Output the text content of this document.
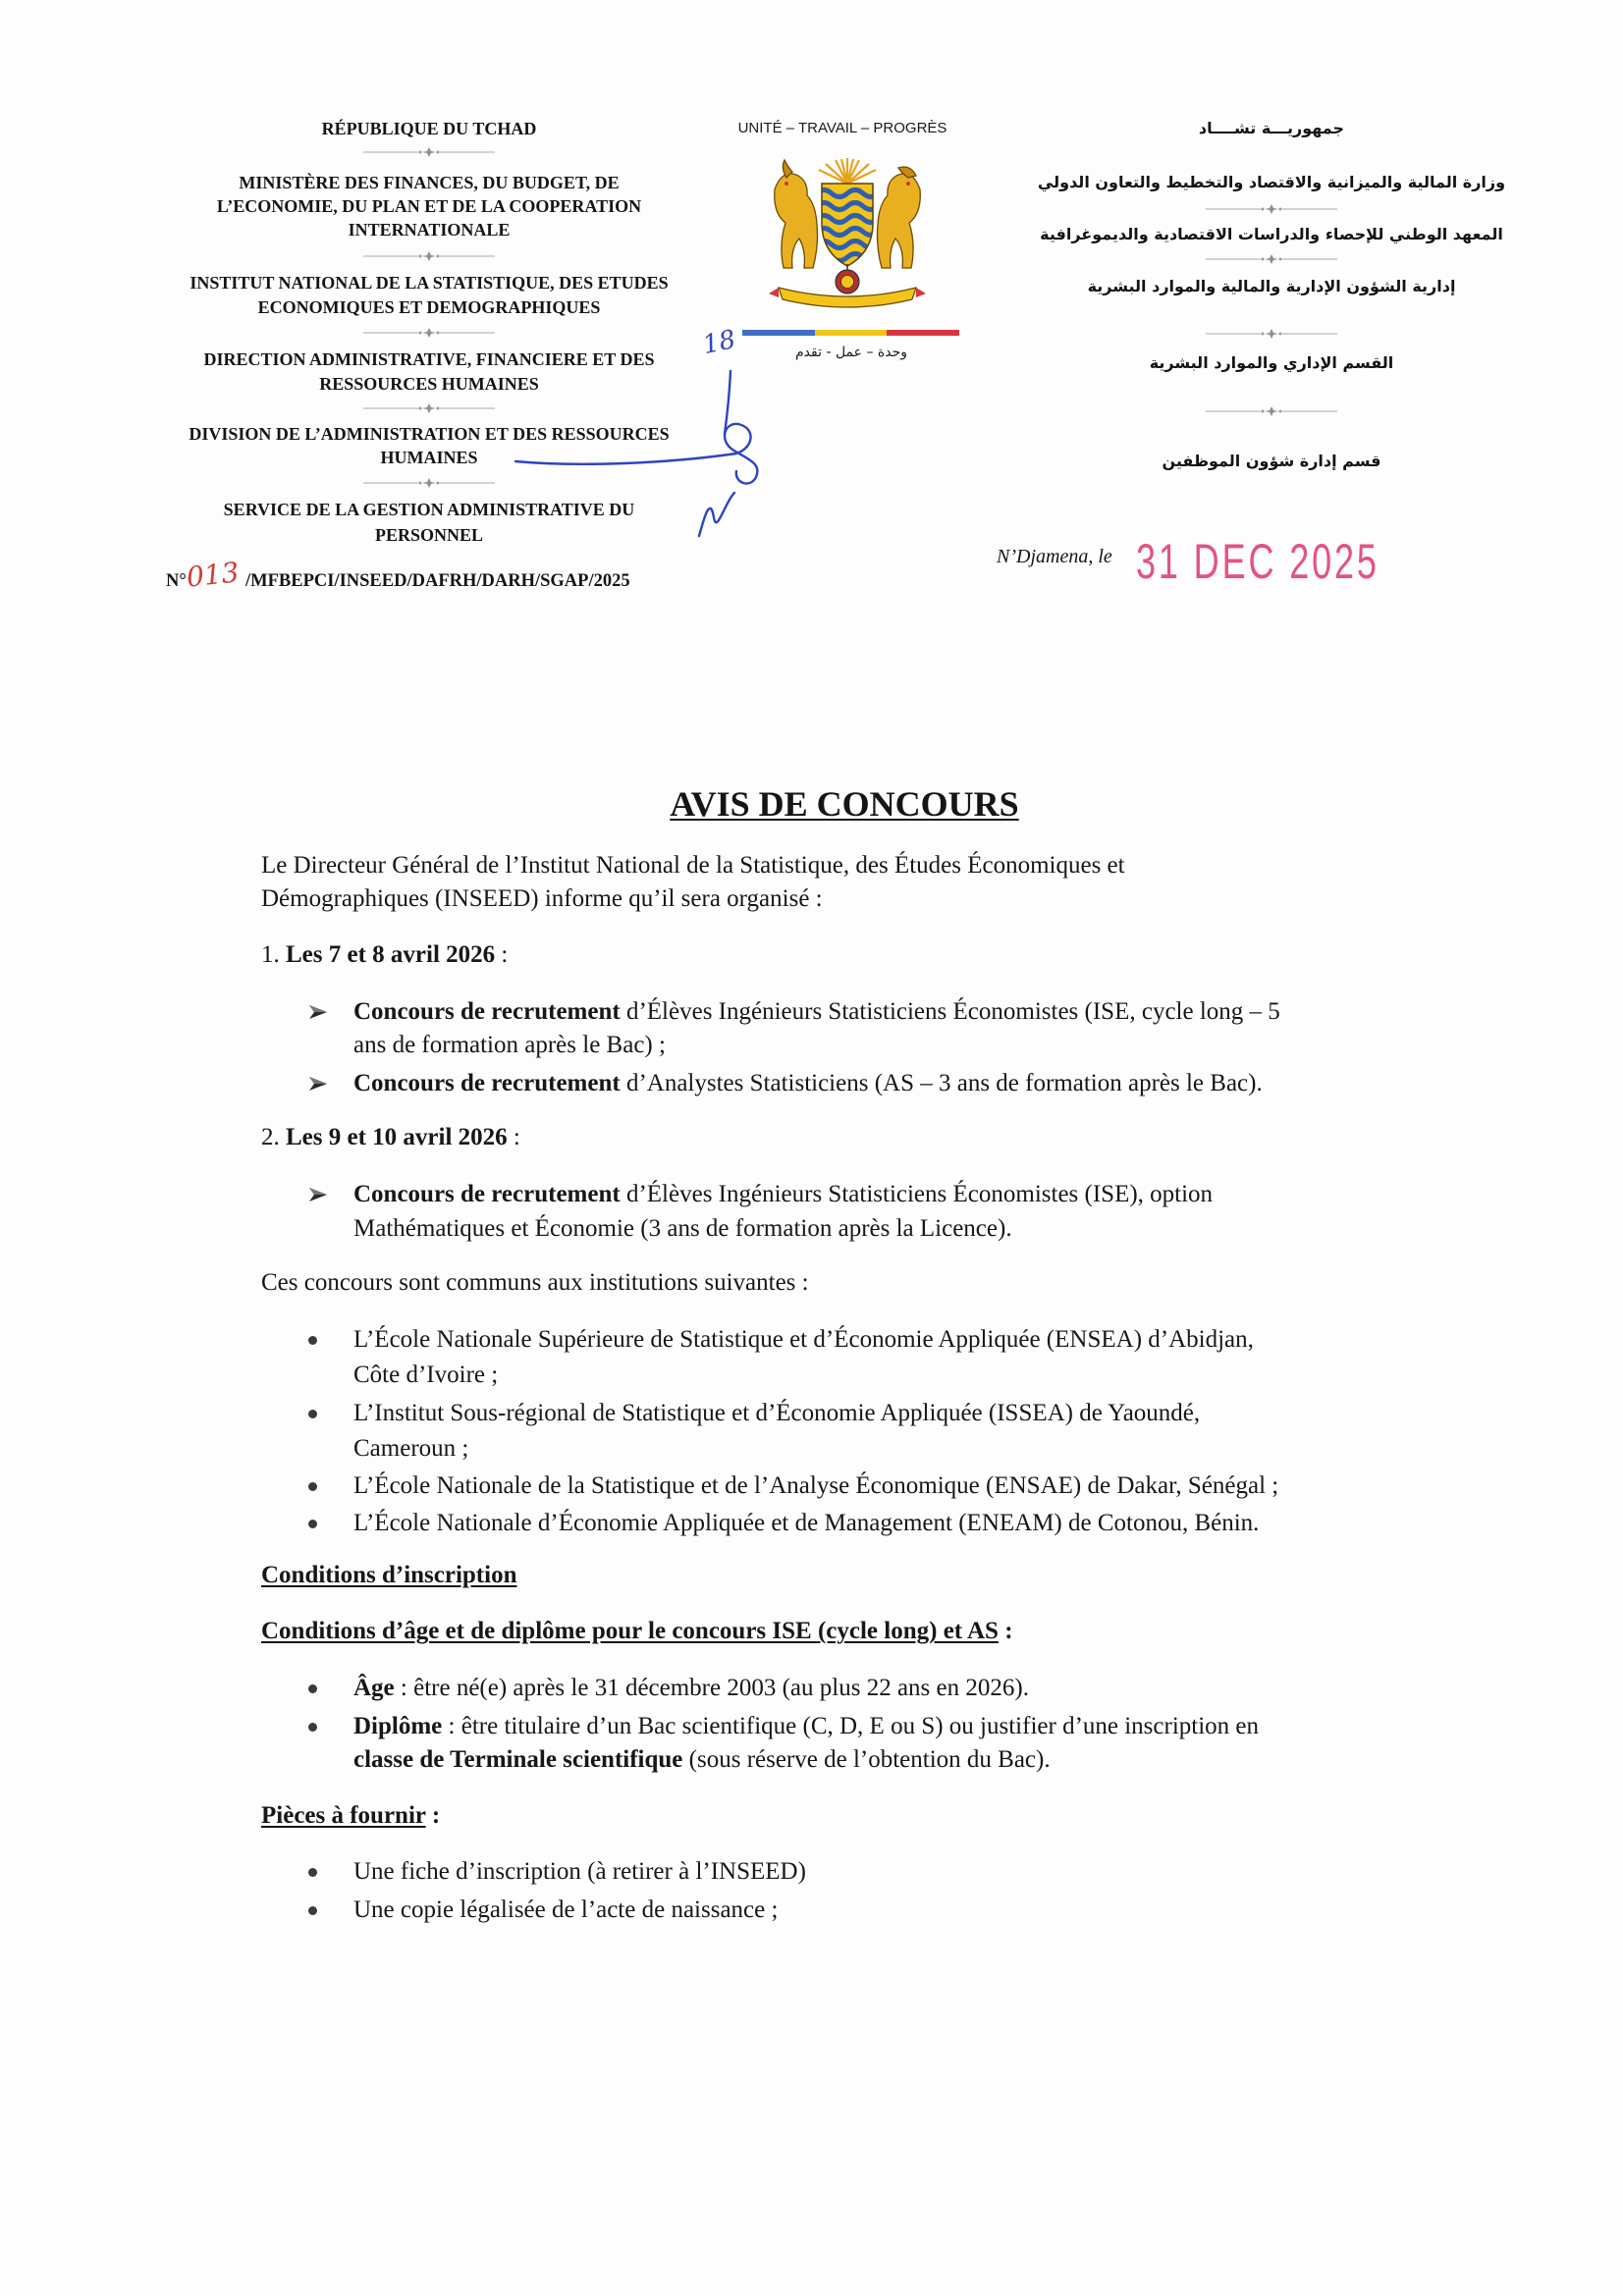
RÉPUBLIQUE DU TCHAD
MINISTÈRE DES FINANCES, DU BUDGET, DE
L’ECONOMIE, DU PLAN ET DE LA COOPERATION
INTERNATIONALE
INSTITUT NATIONAL DE LA STATISTIQUE, DES ETUDES
ECONOMIQUES ET DEMOGRAPHIQUES
DIRECTION ADMINISTRATIVE, FINANCIERE ET DES
RESSOURCES HUMAINES
DIVISION DE L’ADMINISTRATION ET DES RESSOURCES
HUMAINES
SERVICE DE LA GESTION ADMINISTRATIVE DU
PERSONNEL
N°
013 /MFBEPCI/INSEED/DAFRH/DARH/SGAP/2025
UNITÉ – TRAVAIL – PROGRÈS
وحدة – عمل - تقدم
جمهوريـــة تشــــاد
وزارة المالية والميزانية والاقتصاد والتخطيط والتعاون الدولي
المعهد الوطني للإحصاء والدراسات الاقتصادية والديموغرافية
إدارية الشؤون الإدارية والمالية والموارد البشرية
القسم الإداري والموارد البشرية
قسم إدارة شؤون الموظفين
N’Djamena, le 31 DEC 2025
18
AVIS DE CONCOURS
Le Directeur Général de l’Institut National de la Statistique, des Études Économiques et
Démographiques (INSEED) informe qu’il sera organisé :
1. Les 7 et 8 avril 2026 :
Concours de recrutement d’Élèves Ingénieurs Statisticiens Économistes (ISE, cycle long – 5
ans de formation après le Bac) ;
Concours de recrutement d’Analystes Statisticiens (AS – 3 ans de formation après le Bac).
2. Les 9 et 10 avril 2026 :
Concours de recrutement d’Élèves Ingénieurs Statisticiens Économistes (ISE), option
Mathématiques et Économie (3 ans de formation après la Licence).
Ces concours sont communs aux institutions suivantes :
L’École Nationale Supérieure de Statistique et d’Économie Appliquée (ENSEA) d’Abidjan,
Côte d’Ivoire ;
L’Institut Sous-régional de Statistique et d’Économie Appliquée (ISSEA) de Yaoundé,
Cameroun ;
L’École Nationale de la Statistique et de l’Analyse Économique (ENSAE) de Dakar, Sénégal ;
L’École Nationale d’Économie Appliquée et de Management (ENEAM) de Cotonou, Bénin.
Conditions d’inscription
Conditions d’âge et de diplôme pour le concours ISE (cycle long) et AS :
Âge : être né(e) après le 31 décembre 2003 (au plus 22 ans en 2026).
Diplôme : être titulaire d’un Bac scientifique (C, D, E ou S) ou justifier d’une inscription en
classe de Terminale scientifique (sous réserve de l’obtention du Bac).
Pièces à fournir :
Une fiche d’inscription (à retirer à l’INSEED)
Une copie légalisée de l’acte de naissance ;
